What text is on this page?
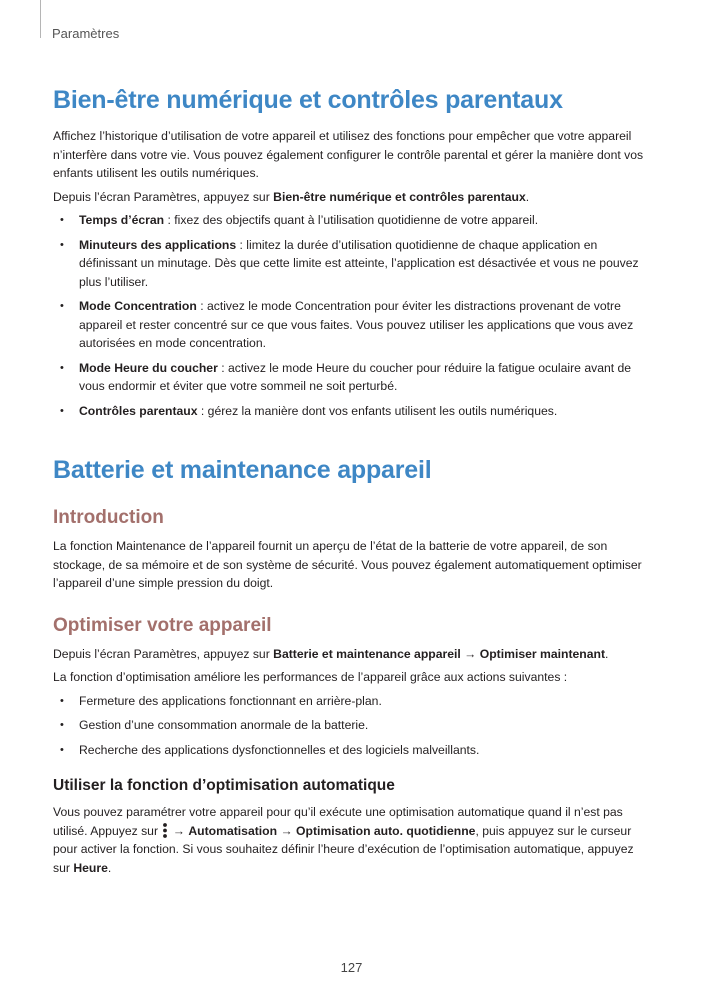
Paramètres
Bien-être numérique et contrôles parentaux

Affichez l’historique d’utilisation de votre appareil et utilisez des fonctions pour empêcher que votre appareil n’interfère dans votre vie. Vous pouvez également configurer le contrôle parental et gérer la manière dont vos enfants utilisent les outils numériques.

Depuis l’écran Paramètres, appuyez sur Bien-être numérique et contrôles parentaux.

• Temps d’écran : fixez des objectifs quant à l’utilisation quotidienne de votre appareil.
• Minuteurs des applications : limitez la durée d’utilisation quotidienne de chaque application en définissant un minutage. Dès que cette limite est atteinte, l’application est désactivée et vous ne pouvez plus l’utiliser.
• Mode Concentration : activez le mode Concentration pour éviter les distractions provenant de votre appareil et rester concentré sur ce que vous faites. Vous pouvez utiliser les applications que vous avez autorisées en mode concentration.
• Mode Heure du coucher : activez le mode Heure du coucher pour réduire la fatigue oculaire avant de vous endormir et éviter que votre sommeil ne soit perturbé.
• Contrôles parentaux : gérez la manière dont vos enfants utilisent les outils numériques.
Batterie et maintenance appareil
Introduction

La fonction Maintenance de l’appareil fournit un aperçu de l’état de la batterie de votre appareil, de son stockage, de sa mémoire et de son système de sécurité. Vous pouvez également automatiquement optimiser l’appareil d’une simple pression du doigt.

Optimiser votre appareil

Depuis l’écran Paramètres, appuyez sur Batterie et maintenance appareil → Optimiser maintenant.

La fonction d’optimisation améliore les performances de l’appareil grâce aux actions suivantes :

• Fermeture des applications fonctionnant en arrière-plan.
• Gestion d’une consommation anormale de la batterie.
• Recherche des applications dysfonctionnelles et des logiciels malveillants.
Utiliser la fonction d’optimisation automatique

Vous pouvez paramétrer votre appareil pour qu’il exécute une optimisation automatique quand il n’est pas utilisé. Appuyez sur  → Automatisation → Optimisation auto. quotidienne, puis appuyez sur le curseur pour activer la fonction. Si vous souhaitez définir l’heure d’exécution de l’optimisation automatique, appuyez sur Heure.

127
